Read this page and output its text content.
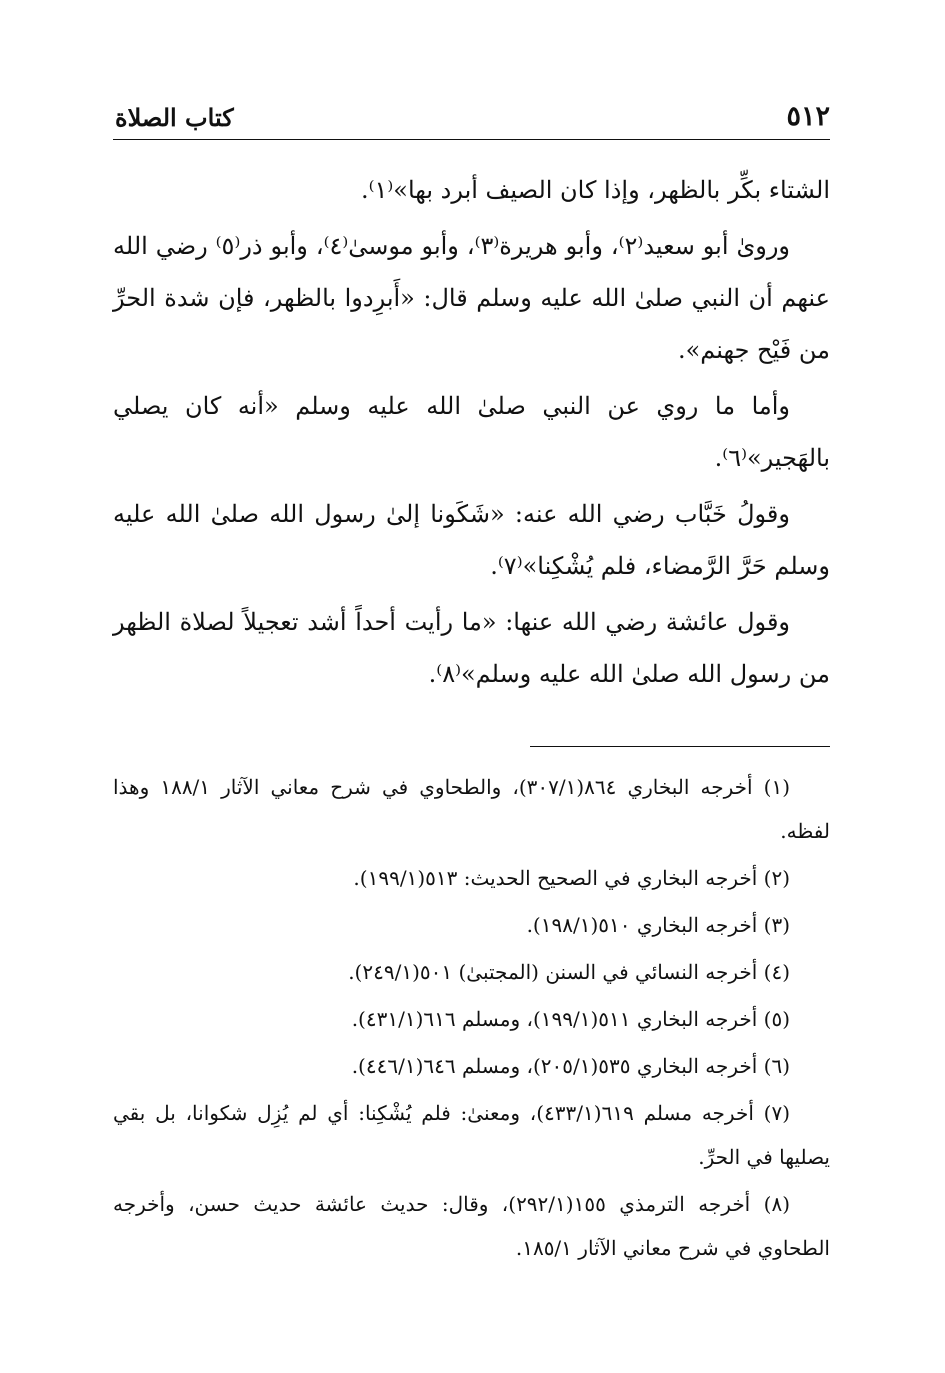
٥١٢
كتاب الصلاة

الشتاء بكِّر بالظهر، وإذا كان الصيف أبرد بها»⁽١⁾.

وروىٰ أبو سعيد⁽٢⁾، وأبو هريرة⁽٣⁾، وأبو موسىٰ⁽٤⁾، وأبو ذر⁽٥⁾ رضي الله عنهم أن النبي صلىٰ الله عليه وسلم قال: «أَبرِدوا بالظهر، فإن شدة الحرِّ من فَيْح جهنم».

وأما ما روي عن النبي صلىٰ الله عليه وسلم «أنه كان يصلي بالهَجير»⁽٦⁾.

وقولُ خَبَّاب رضي الله عنه: «شَكَونا إلىٰ رسول الله صلىٰ الله عليه وسلم حَرَّ الرَّمضاء، فلم يُشْكِنا»⁽٧⁾.

وقول عائشة رضي الله عنها: «ما رأيت أحداً أشد تعجيلاً لصلاة الظهر من رسول الله صلىٰ الله عليه وسلم»⁽٨⁾.

(١) أخرجه البخاري ٨٦٤(٣٠٧/١)، والطحاوي في شرح معاني الآثار ١٨٨/١ وهذا لفظه.

(٢) أخرجه البخاري في الصحيح الحديث: ٥١٣(١٩٩/١).

(٣) أخرجه البخاري ٥١٠(١٩٨/١).

(٤) أخرجه النسائي في السنن (المجتبىٰ) ٥٠١(٢٤٩/١).

(٥) أخرجه البخاري ٥١١(١٩٩/١)، ومسلم ٦١٦(٤٣١/١).

(٦) أخرجه البخاري ٥٣٥(٢٠٥/١)، ومسلم ٦٤٦(٤٤٦/١).

(٧) أخرجه مسلم ٦١٩(٤٣٣/١)، ومعنىٰ: فلم يُشْكِنا: أي لم يُزِل شكوانا، بل بقي يصليها في الحرِّ.

(٨) أخرجه الترمذي ١٥٥(٢٩٢/١)، وقال: حديث عائشة حديث حسن، وأخرجه الطحاوي في شرح معاني الآثار ١٨٥/١.
